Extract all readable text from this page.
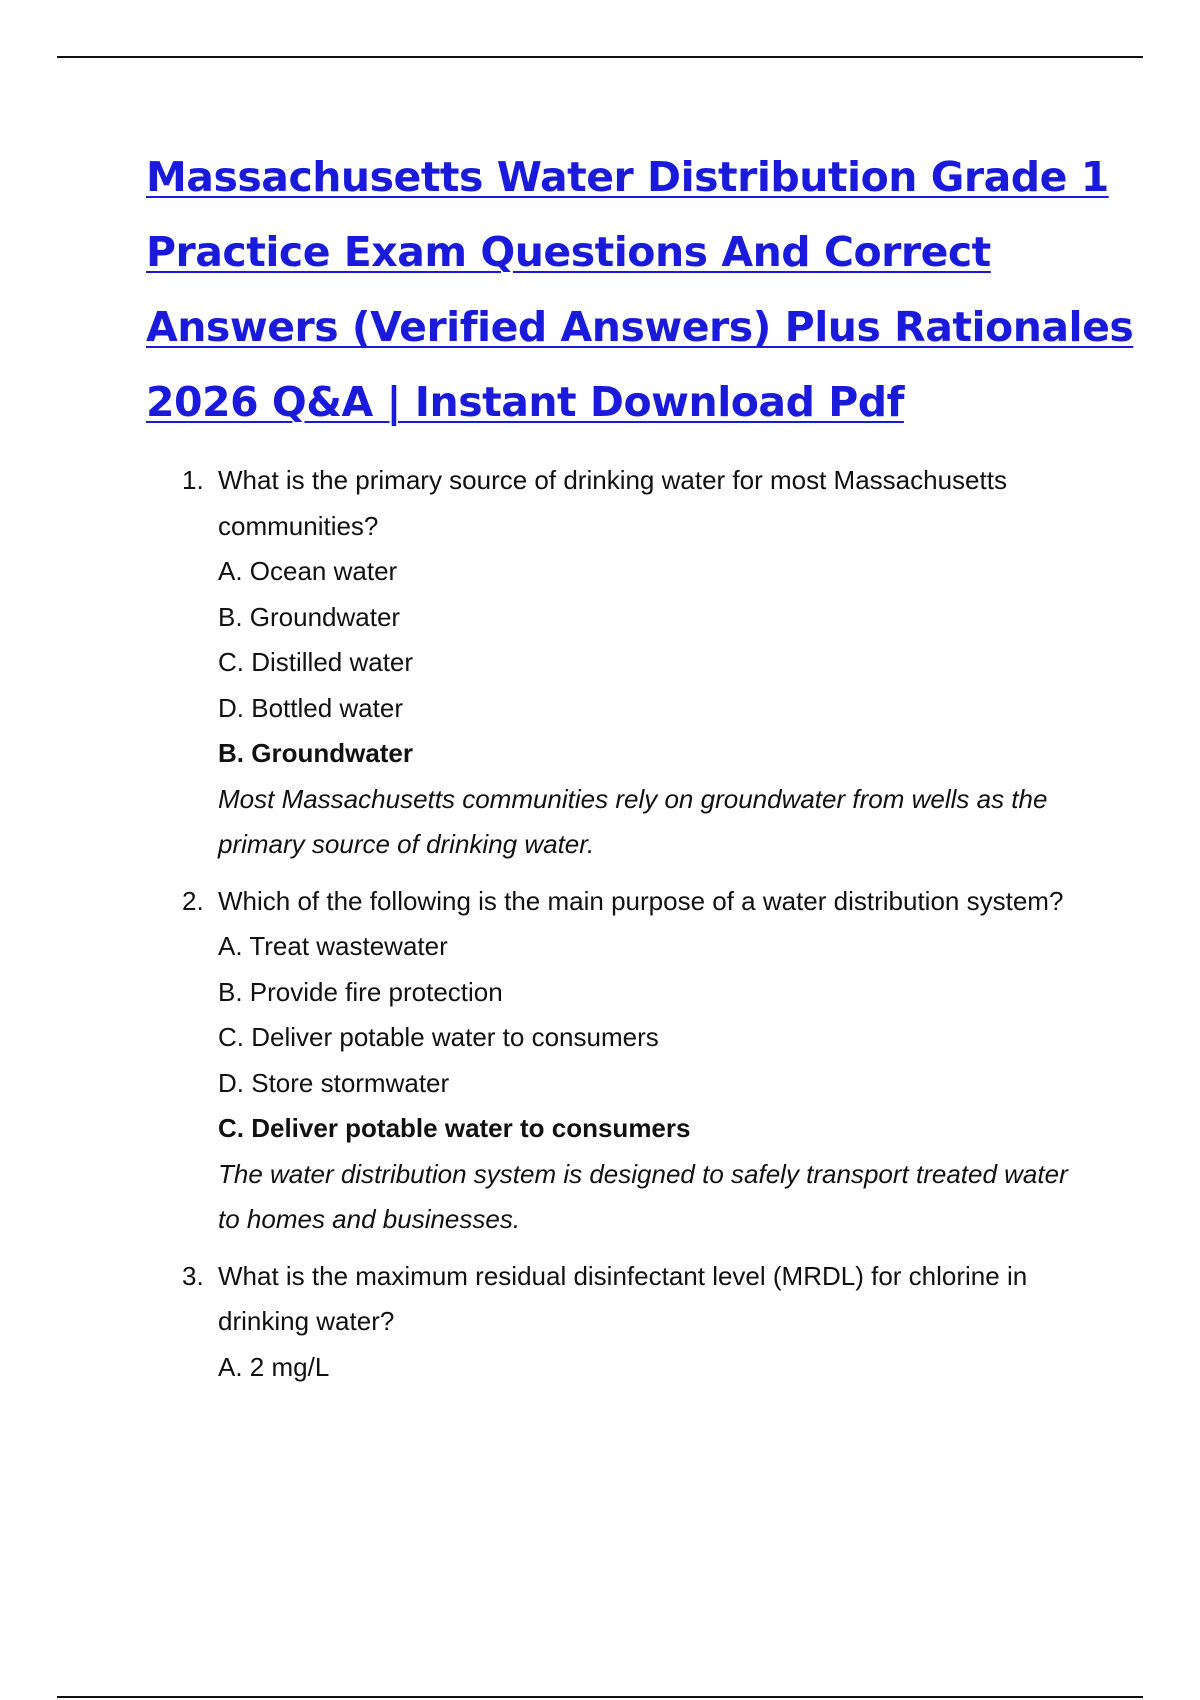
Massachusetts Water Distribution Grade 1
Practice Exam Questions And Correct
Answers (Verified Answers) Plus Rationales
2026 Q&A | Instant Download Pdf
1. What is the primary source of drinking water for most Massachusetts communities?
A. Ocean water
B. Groundwater
C. Distilled water
D. Bottled water
B. Groundwater
Most Massachusetts communities rely on groundwater from wells as the primary source of drinking water.
2. Which of the following is the main purpose of a water distribution system?
A. Treat wastewater
B. Provide fire protection
C. Deliver potable water to consumers
D. Store stormwater
C. Deliver potable water to consumers
The water distribution system is designed to safely transport treated water to homes and businesses.
3. What is the maximum residual disinfectant level (MRDL) for chlorine in drinking water?
A. 2 mg/L
